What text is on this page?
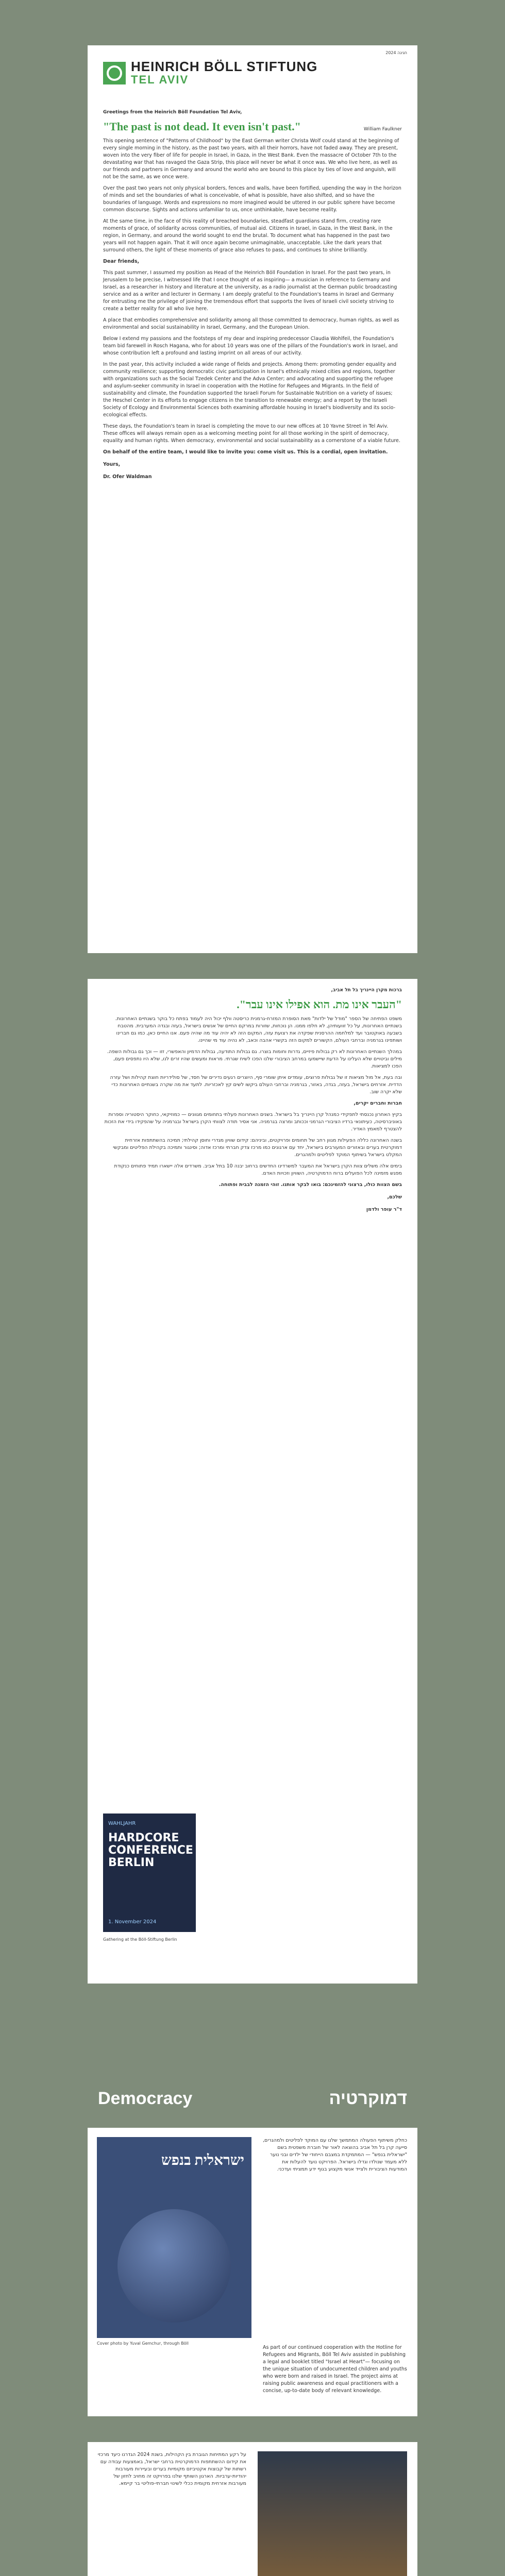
HEINRICH BÖLL STIFTUNG
TEL AVIV
חגיגה 2024
Greetings from the Heinrich Böll Foundation Tel Aviv,
"The past is not dead. It even isn't past."	William Faulkner

This opening sentence of "Patterns of Childhood" by the East German writer Christa Wolf could stand at the beginning of every single morning in the history, as the past two years, with all their horrors, have not faded away. They are present, woven into the very fiber of life for people in Israel, in Gaza, in the West Bank. Even the massacre of October 7th to the devastating war that has ravaged the Gaza Strip, this place will never be what it once was. We who live here, as well as our friends and partners in Germany and around the world who are bound to this place by ties of love and anguish, will not be the same, as we once were.

Over the past two years not only physical borders, fences and walls, have been fortified, upending the way in the horizon of minds and set the boundaries of what is conceivable, of what is possible, have also shifted, and so have the boundaries of language. Words and expressions no more imagined would be uttered in our public sphere have become common discourse. Sights and actions unfamiliar to us, once unthinkable, have become reality.

At the same time, in the face of this reality of breached boundaries, steadfast guardians stand firm, creating rare moments of grace, of solidarity across communities, of mutual aid. Citizens in Israel, in Gaza, in the West Bank, in the region, in Germany, and around the world sought to end the brutal. To document what has happened in the past two years will not happen again. That it will once again become unimaginable, unacceptable. Like the dark years that surround others, the light of these moments of grace also refuses to pass, and continues to shine brilliantly.

Dear friends,

This past summer, I assumed my position as Head of the Heinrich Böll Foundation in Israel. For the past two years, in Jerusalem to be precise, I witnessed life that I once thought of as inspiring— a musician in reference to Germany and Israel, as a researcher in history and literature at the university, as a radio journalist at the German public broadcasting service and as a writer and lecturer in Germany. I am deeply grateful to the Foundation's teams in Israel and Germany for entrusting me the privilege of joining the tremendous effort that supports the lives of Israeli civil society striving to create a better reality for all who live here.

A place that embodies comprehensive and solidarity among all those committed to democracy, human rights, as well as environmental and social sustainability in Israel, Germany, and the European Union.

Below I extend my passions and the footsteps of my dear and inspiring predecessor Claudia Wohlfeil, the Foundation's team bid farewell in Rosch Hagana, who for about 10 years was one of the pillars of the Foundation's work in Israel, and whose contribution left a profound and lasting imprint on all areas of our activity.

In the past year, this activity included a wide range of fields and projects. Among them: promoting gender equality and community resilience; supporting democratic civic participation in Israel's ethnically mixed cities and regions, together with organizations such as the Social Tzedek Center and the Adva Center; and advocating and supporting the refugee and asylum-seeker community in Israel in cooperation with the Hotline for Refugees and Migrants. In the field of sustainability and climate, the Foundation supported the Israeli Forum for Sustainable Nutrition on a variety of issues; the Heschel Center in its efforts to engage citizens in the transition to renewable energy; and a report by the Israeli Society of Ecology and Environmental Sciences both examining affordable housing in Israel's biodiversity and its socio-ecological effects.

These days, the Foundation's team in Israel is completing the move to our new offices at 10 Yavne Street in Tel Aviv. These offices will always remain open as a welcoming meeting point for all those working in the spirit of democracy, equality and human rights. When democracy, environmental and social sustainability as a cornerstone of a viable future.

On behalf of the entire team, I would like to invite you: come visit us. This is a cordial, open invitation.

Yours,
Dr. Ofer Waldman
ברכות מקרן היינריך בל תל אביב,
"העבר אינו מת. הוא אפילו אינו עבר".

משפט הפתיחה של הספר "מודל של ילדות" מאת הסופרת המזרח-גרמנית כריסטה וולף יכול היה לעמוד בפתח כל בוקר בשנתיים האחרונות. בשנתיים האחרונות, על כל זוועותיהן, לא חלפו ממנו. הן נוכחות, שזורות במרקם החיים של אנשים בישראל, בעזה ובגדה המערבית. מהטבח בשבעה באוקטובר ועד למלחמה ההרסנית שפקדה את רצועת עזה, המקום הזה לא יהיה עוד מה שהיה פעם. אנו החיים כאן, כמו גם חברינו ושותפינו בגרמניה וברחבי העולם, הקשורים למקום הזה בקשרי אהבה וכאב, לא נהיה עוד מי שהיינו.

במהלך השנתיים האחרונות לא רק גבולות פיזיים, גדרות וחומות בוצרו. גם גבולות התודעה, גבולות הדמיון והאפשרי, זזו — וכך גם גבולות השפה. מילים וביטויים שלא העלינו על הדעת שיישמעו במרחב הציבורי שלנו הפכו לשיח שגרתי. מראות ומעשים שהיו זרים לנו, שלא היו נתפסים פעם, הפכו למציאות.

ובה בעת, אל מול מציאות זו של גבולות פרוצים, עומדים איתן שומרי סף, היוצרים רגעים נדירים של חסד, של סולידריות חוצת קהילות ושל עזרה הדדית. אזרחים בישראל, בעזה, בגדה, באזור, בגרמניה וברחבי העולם ביקשו לשים קץ לאכזריות. לתעד את מה שקרה בשנתיים האחרונות כדי שלא יקרה שוב.

חברות וחברים יקרים,

בקיץ האחרון נכנסתי לתפקידי כמנהל קרן היינריך בל בישראל. בשנים האחרונות פעלתי בתחומים מגוונים — כמוזיקאי, כחוקר היסטוריה וספרות באוניברסיטה, כעיתונאי ברדיו הציבורי הגרמני וככותב ומרצה בגרמניה. אני אסיר תודה לצוותי הקרן בישראל ובגרמניה על שהפקידו בידי את הזכות להצטרף למאמץ האדיר.

בשנה האחרונה כללה הפעילות מגוון רחב של תחומים ופרויקטים, וביניהם: קידום שוויון מגדרי וחוסן קהילתי; תמיכה בהשתתפות אזרחית דמוקרטית בערים ובאזורים המעורבים בישראל, יחד עם ארגונים כמו מרכז צדק חברתי ומרכז אדוה; וסינגור ותמיכה בקהילת הפליטים ומבקשי המקלט בישראל בשיתוף המוקד לפליטים ולמהגרים.

בימים אלה משלים צוות הקרן בישראל את המעבר למשרדינו החדשים ברחוב יבנה 10 בתל אביב. משרדים אלה יישארו תמיד פתוחים כנקודת מפגש מזמינה לכל הפועלים ברוח הדמוקרטיה, השוויון וזכויות האדם.

בשם הצוות כולו, ברצוני להזמינכם: בואו לבקר אותנו. זוהי הזמנה לבבית ופתוחה.

שלכם,
ד"ר עופר ולדמן
WAHLJAHR
HARDCORE
CONFERENCE
BERLIN
1. November 2024
Gathering at the Böll-Stiftung Berlin
Democracy	דמוקרטיה
ישראלית בנפש
Cover photo by Yuval Gemchur, through Böll
כחלק משיתוף הפעולה המתמשך שלנו עם המוקד לפליטים ולמהגרים, סייעה קרן בל תל אביב בהוצאה לאור של חוברת משפטית בשם "ישראלית בנפש" — המתמקדת במצבם הייחודי של ילדים ובני נוער ללא מעמד שנולדו וגדלו בישראל. הפרויקט נועד להעלות את המודעות הציבורית ולצייד אנשי מקצוע בגוף ידע תמציתי ועדכני.
As part of our continued cooperation with the Hotline for Refugees and Migrants, Böll Tel Aviv assisted in publishing a legal and booklet titled "Israel at Heart"— focusing on the unique situation of undocumented children and youths who were born and raised in Israel. The project aims at raising public awareness and equal practitioners with a concise, up-to-date body of relevant knowledge.
על רקע המתיחות הגוברת בין הקהילות, בשנת 2024 הגדרנו כיעד מרכזי את קידום ההשתתפות הדמוקרטית ברחבי ישראל, באמצעות עבודה עם רשתות של קבוצות אקטיביזם מקומיות בערים ובעיירות מעורבות יהודיות-ערביות. הארגון השותף שלנו בפרויקט זה מחויב לחזון של מעורבות אזרחית מקומית ככלי לשינוי חברתי-פוליטי בר קיימא.
